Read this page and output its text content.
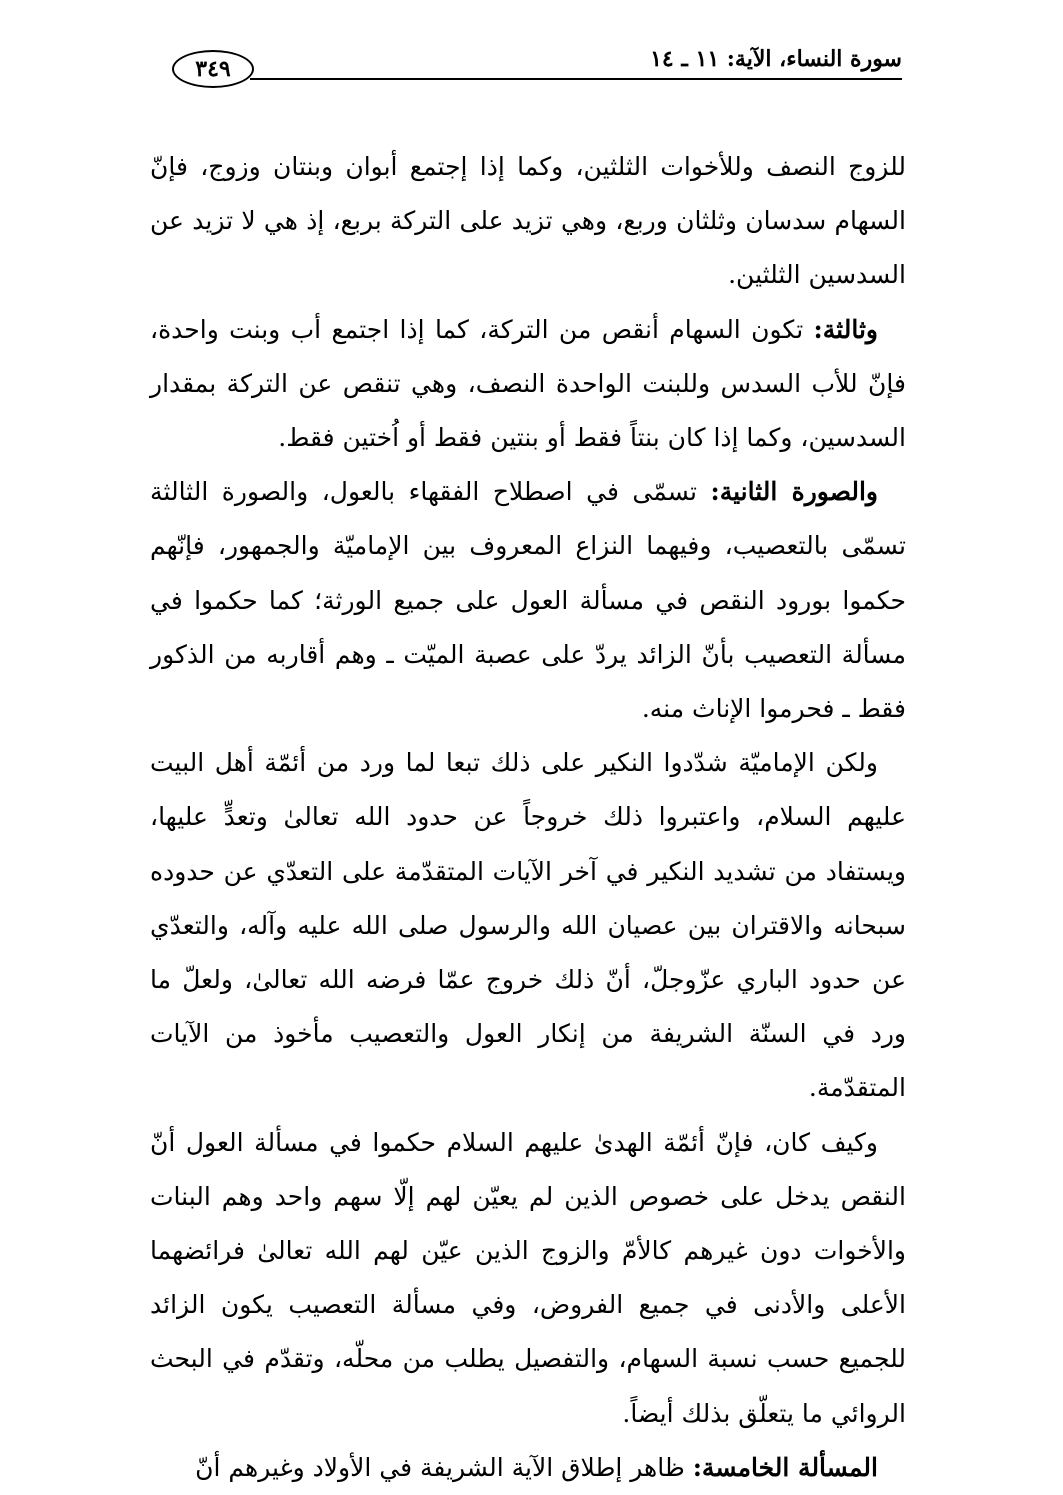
٣٤٩	سورة النساء، الآية: ١١ ـ ١٤

للزوج النصف وللأخوات الثلثين، وكما إذا إجتمع أبوان وبنتان وزوج، فإنّ السهام سدسان وثلثان وربع، وهي تزيد على التركة بربع، إذ هي لا تزيد عن السدسين الثلثين.

وثالثة: تكون السهام أنقص من التركة، كما إذا اجتمع أب وبنت واحدة، فإنّ للأب السدس وللبنت الواحدة النصف، وهي تنقص عن التركة بمقدار السدسين، وكما إذا كان بنتاً فقط أو بنتين فقط أو اُختين فقط.

والصورة الثانية: تسمّى في اصطلاح الفقهاء بالعول، والصورة الثالثة تسمّى بالتعصيب، وفيهما النزاع المعروف بين الإماميّة والجمهور، فإنّهم حكموا بورود النقص في مسألة العول على جميع الورثة؛ كما حكموا في مسألة التعصيب بأنّ الزائد يردّ على عصبة الميّت ـ وهم أقاربه من الذكور فقط ـ فحرموا الإناث منه.

ولكن الإماميّة شدّدوا النكير على ذلك تبعا لما ورد من أئمّة أهل البيت عليهم السلام، واعتبروا ذلك خروجاً عن حدود الله تعالىٰ وتعدٍّ عليها، ويستفاد من تشديد النكير في آخر الآيات المتقدّمة على التعدّي عن حدوده سبحانه والاقتران بين عصيان الله والرسول صلى الله عليه وآله، والتعدّي عن حدود الباري عزّوجلّ، أنّ ذلك خروج عمّا فرضه الله تعالىٰ، ولعلّ ما ورد في السنّة الشريفة من إنكار العول والتعصيب مأخوذ من الآيات المتقدّمة.

وكيف كان، فإنّ أئمّة الهدىٰ عليهم السلام حكموا في مسألة العول أنّ النقص يدخل على خصوص الذين لم يعيّن لهم إلّا سهم واحد وهم البنات والأخوات دون غيرهم كالأمّ والزوج الذين عيّن لهم الله تعالىٰ فرائضهما الأعلى والأدنى في جميع الفروض، وفي مسألة التعصيب يكون الزائد للجميع حسب نسبة السهام، والتفصيل يطلب من محلّه، وتقدّم في البحث الروائي ما يتعلّق بذلك أيضاً.

المسألة الخامسة: ظاهر إطلاق الآية الشريفة في الأولاد وغيرهم أنّ
